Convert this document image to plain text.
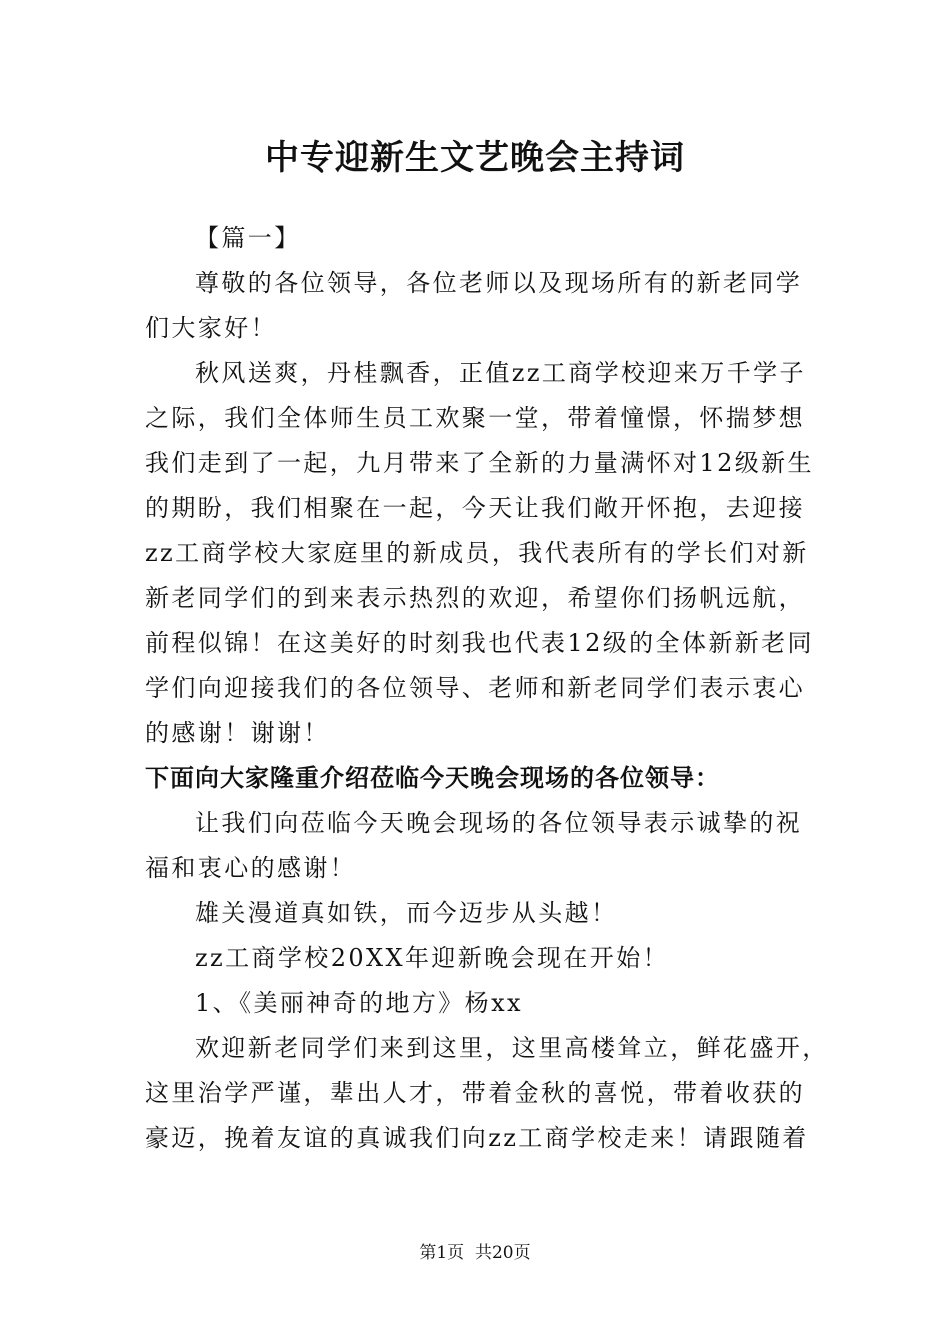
中专迎新生文艺晚会主持词

【篇一】

尊敬的各位领导，各位老师以及现场所有的新老同学

们大家好！

秋风送爽，丹桂飘香，正值zz工商学校迎来万千学子

之际，我们全体师生员工欢聚一堂，带着憧憬，怀揣梦想

我们走到了一起，九月带来了全新的力量满怀对12级新生

的期盼，我们相聚在一起，今天让我们敞开怀抱，去迎接

zz工商学校大家庭里的新成员，我代表所有的学长们对新

新老同学们的到来表示热烈的欢迎，希望你们扬帆远航，

前程似锦！在这美好的时刻我也代表12级的全体新新老同

学们向迎接我们的各位领导、老师和新老同学们表示衷心

的感谢！谢谢！

下面向大家隆重介绍莅临今天晚会现场的各位领导：

让我们向莅临今天晚会现场的各位领导表示诚挚的祝

福和衷心的感谢！

雄关漫道真如铁，而今迈步从头越！

zz工商学校20XX年迎新晚会现在开始！

1、《美丽神奇的地方》杨xx

欢迎新老同学们来到这里，这里高楼耸立，鲜花盛开，

这里治学严谨，辈出人才，带着金秋的喜悦，带着收获的

豪迈，挽着友谊的真诚我们向zz工商学校走来！请跟随着

第1页  共20页
